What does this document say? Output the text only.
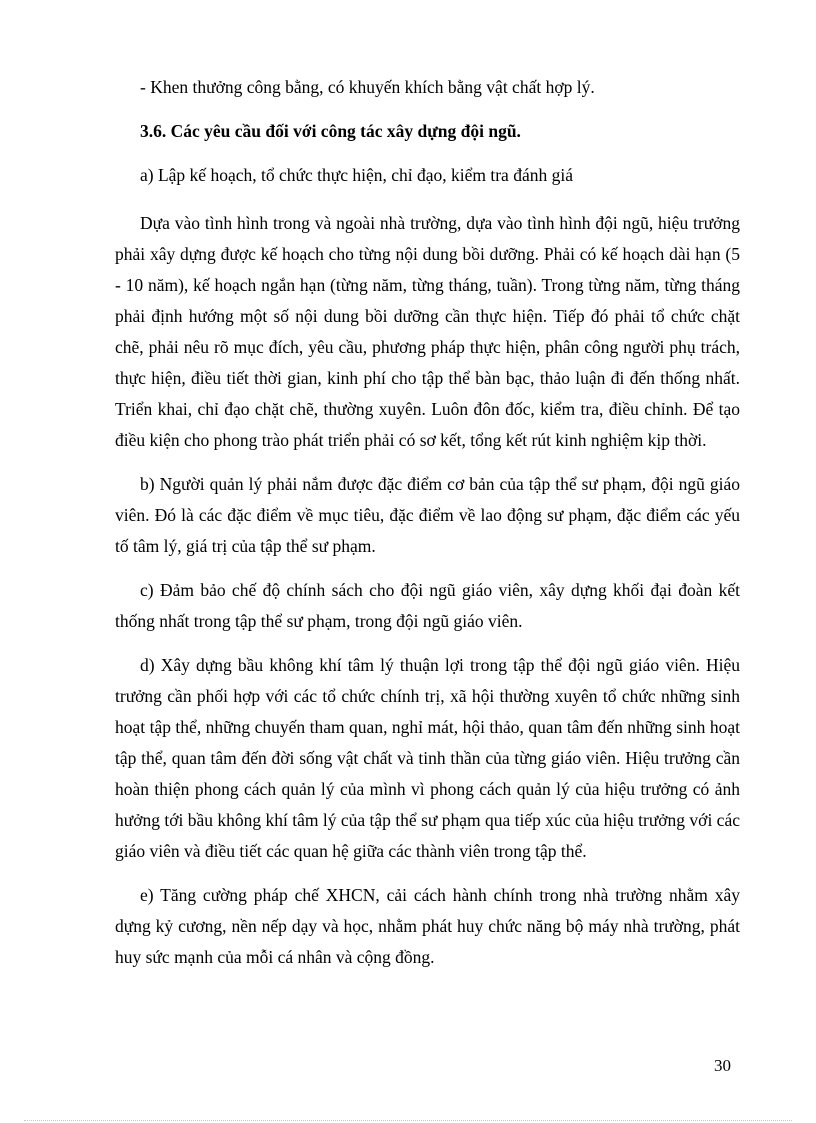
- Khen thưởng công bằng, có khuyến khích bằng vật chất hợp lý.

3.6. Các yêu cầu đối với công tác xây dựng đội ngũ.

a) Lập kế hoạch, tổ chức thực hiện, chỉ đạo, kiểm tra đánh giá

Dựa vào tình hình trong và ngoài nhà trường, dựa vào tình hình đội ngũ, hiệu trưởng phải xây dựng được kế hoạch cho từng nội dung bồi dưỡng. Phải có kế hoạch dài hạn (5 - 10 năm), kế hoạch ngắn hạn (từng năm, từng tháng, tuần). Trong từng năm, từng tháng phải định hướng một số nội dung bồi dưỡng cần thực hiện. Tiếp đó phải tổ chức chặt chẽ, phải nêu rõ mục đích, yêu cầu, phương pháp thực hiện, phân công người phụ trách, thực hiện, điều tiết thời gian, kinh phí cho tập thể bàn bạc, thảo luận đi đến thống nhất. Triển khai, chỉ đạo chặt chẽ, thường xuyên. Luôn đôn đốc, kiểm tra, điều chỉnh. Để tạo điều kiện cho phong trào phát triển phải có sơ kết, tổng kết rút kinh nghiệm kịp thời.

b) Người quản lý phải nắm được đặc điểm cơ bản của tập thể sư phạm, đội ngũ giáo viên. Đó là các đặc điểm về mục tiêu, đặc điểm về lao động sư phạm, đặc điểm các yếu tố tâm lý, giá trị của tập thể sư phạm.

c) Đảm bảo chế độ chính sách cho đội ngũ giáo viên, xây dựng khối đại đoàn kết thống nhất trong tập thể sư phạm, trong đội ngũ giáo viên.

d) Xây dựng bầu không khí tâm lý thuận lợi trong tập thể đội ngũ giáo viên. Hiệu trưởng cần phối hợp với các tổ chức chính trị, xã hội thường xuyên tổ chức những sinh hoạt tập thể, những chuyến tham quan, nghỉ mát, hội thảo, quan tâm đến những sinh hoạt tập thể, quan tâm đến đời sống vật chất và tinh thần của từng giáo viên. Hiệu trưởng cần hoàn thiện phong cách quản lý của mình vì phong cách quản lý của hiệu trưởng có ảnh hưởng tới bầu không khí tâm lý của tập thể sư phạm qua tiếp xúc của hiệu trưởng với các giáo viên và điều tiết các quan hệ giữa các thành viên trong tập thể.

e) Tăng cường pháp chế XHCN, cải cách hành chính trong nhà trường nhằm xây dựng kỷ cương, nền nếp dạy và học, nhằm phát huy chức năng bộ máy nhà trường, phát huy sức mạnh của mỗi cá nhân và cộng đồng.

30
